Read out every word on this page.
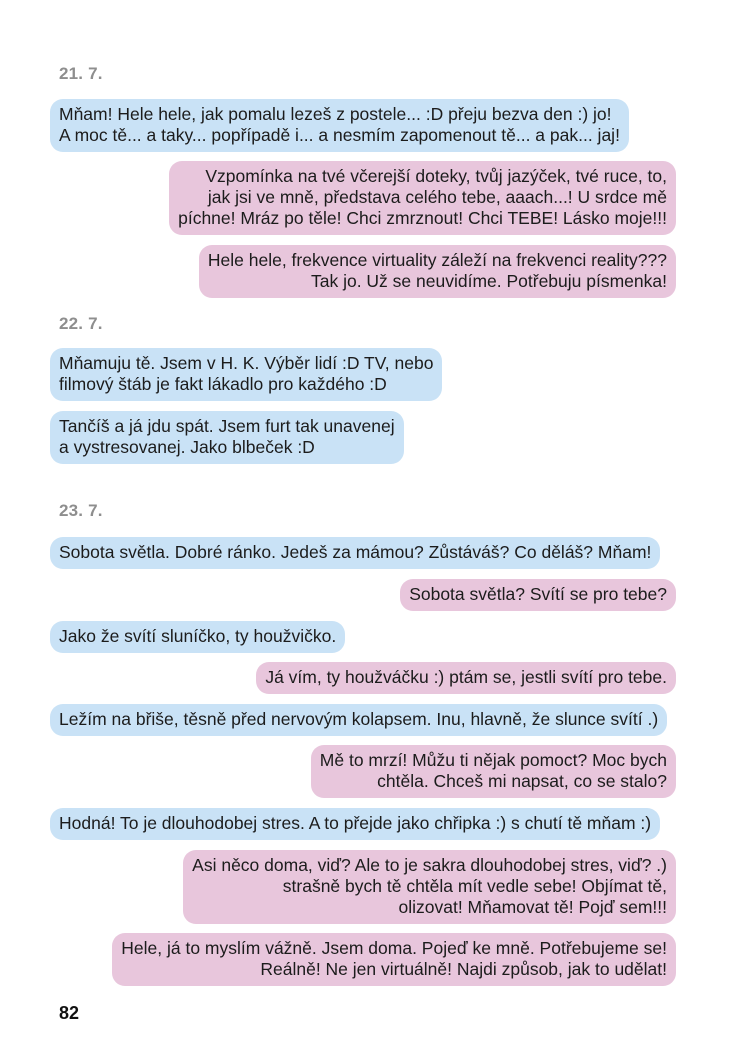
21. 7.
Mňam! Hele hele, jak pomalu lezeš z postele... :D přeju bezva den :) jo!
A moc tě... a taky... popřípadě i... a nesmím zapomenout tě... a pak... jaj!
Vzpomínka na tvé včerejší doteky, tvůj jazýček, tvé ruce, to,
jak jsi ve mně, představa celého tebe, aaach...! U srdce mě
píchne! Mráz po těle! Chci zmrznout! Chci TEBE! Lásko moje!!!
Hele hele, frekvence virtuality záleží na frekvenci reality???
Tak jo. Už se neuvidíme. Potřebuju písmenka!
22. 7.
Mňamuju tě. Jsem v H. K. Výběr lidí :D TV, nebo
filmový štáb je fakt lákadlo pro každého :D
Tančíš a já jdu spát. Jsem furt tak unavenej
a vystresovanej. Jako blbeček :D
23. 7.
Sobota světla. Dobré ránko. Jedeš za mámou? Zůstáváš? Co děláš? Mňam!
Sobota světla? Svítí se pro tebe?
Jako že svítí sluníčko, ty houžvičko.
Já vím, ty houžváčku :) ptám se, jestli svítí pro tebe.
Ležím na břiše, těsně před nervovým kolapsem. Inu, hlavně, že slunce svítí .)
Mě to mrzí! Můžu ti nějak pomoct? Moc bych
chtěla. Chceš mi napsat, co se stalo?
Hodná! To je dlouhodobej stres. A to přejde jako chřipka :) s chutí tě mňam :)
Asi něco doma, viď? Ale to je sakra dlouhodobej stres, viď? .)
strašně bych tě chtěla mít vedle sebe! Objímat tě,
olizovat! Mňamovat tě! Pojď sem!!!
Hele, já to myslím vážně. Jsem doma. Pojeď ke mně. Potřebujeme se!
Reálně! Ne jen virtuálně! Najdi způsob, jak to udělat!
82
